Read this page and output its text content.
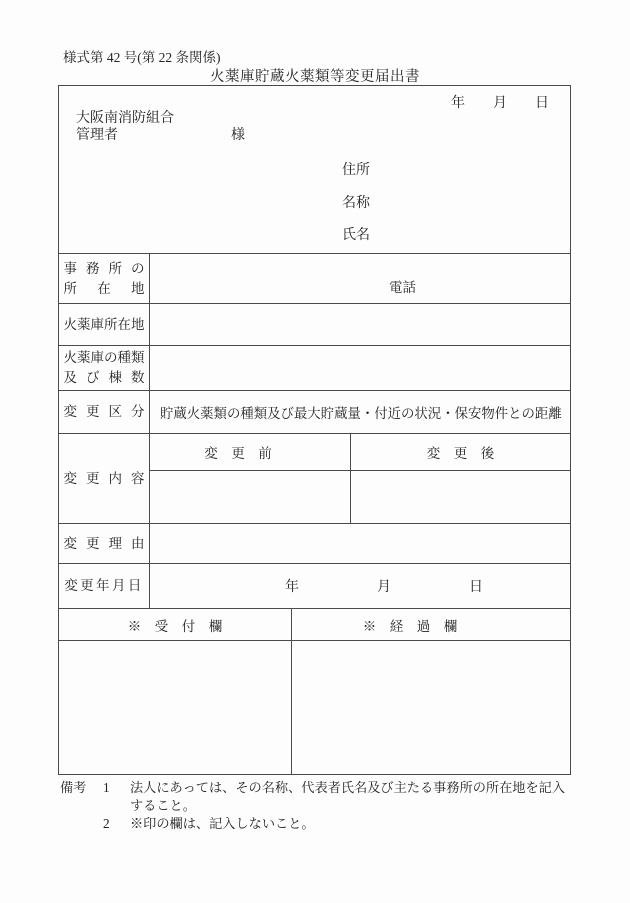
様式第 42 号(第 22 条関係)
火薬庫貯蔵火薬類等変更届出書
年　　月　　日
大阪南消防組合
管理者	様
住所
名称
氏名
事 務 所 の
所　在　地	電話
火薬庫所在地
火薬庫の種類
及 び 棟 数
変 更 区 分	貯蔵火薬類の種類及び最大貯蔵量・付近の状況・保安物件との距離
変 更 内 容
変　更　前	変　更　後
変 更 理 由
変更年月日	年	月	日
※　受　付　欄	※　経　過　欄
備考	1	法人にあっては、その名称、代表者氏名及び主たる事務所の所在地を記入
すること。
2	※印の欄は、記入しないこと。
